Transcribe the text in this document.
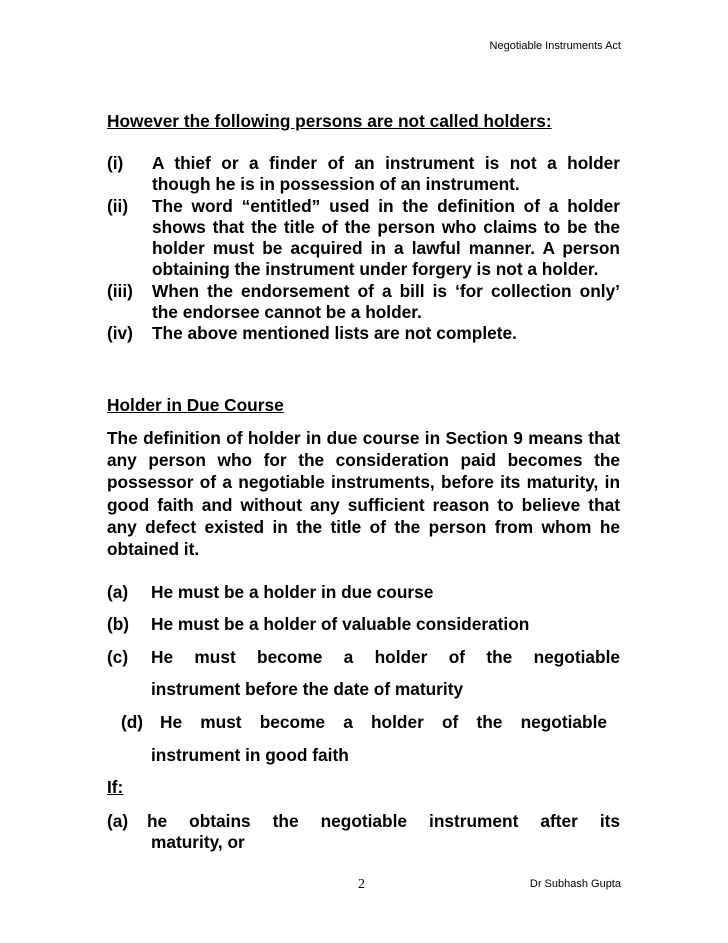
Negotiable Instruments Act
However the following persons are not called holders:
(i)	A thief or a finder of an instrument is not a holder though he is in possession of an instrument.
(ii)	The word “entitled” used in the definition of a holder shows that the title of the person who claims to be the holder must be acquired in a lawful manner. A person obtaining the instrument under forgery is not a holder.
(iii)	When the endorsement of a bill is ‘for collection only’ the endorsee cannot be a holder.
(iv)	The above mentioned lists are not complete.
Holder in Due Course
The definition of holder in due course in Section 9 means that any person who for the consideration paid becomes the possessor of a negotiable instruments, before its maturity, in good faith and without any sufficient reason to believe that any defect existed in the title of the person from whom he obtained it.
(a) He must be a holder in due course
(b) He must be a holder of valuable consideration
(c) He must become a holder of the negotiable
instrument before the date of maturity
(d) He must become a holder of the negotiable
instrument in good faith
If:
(a) he obtains the negotiable instrument after its
maturity, or
2	Dr Subhash Gupta
